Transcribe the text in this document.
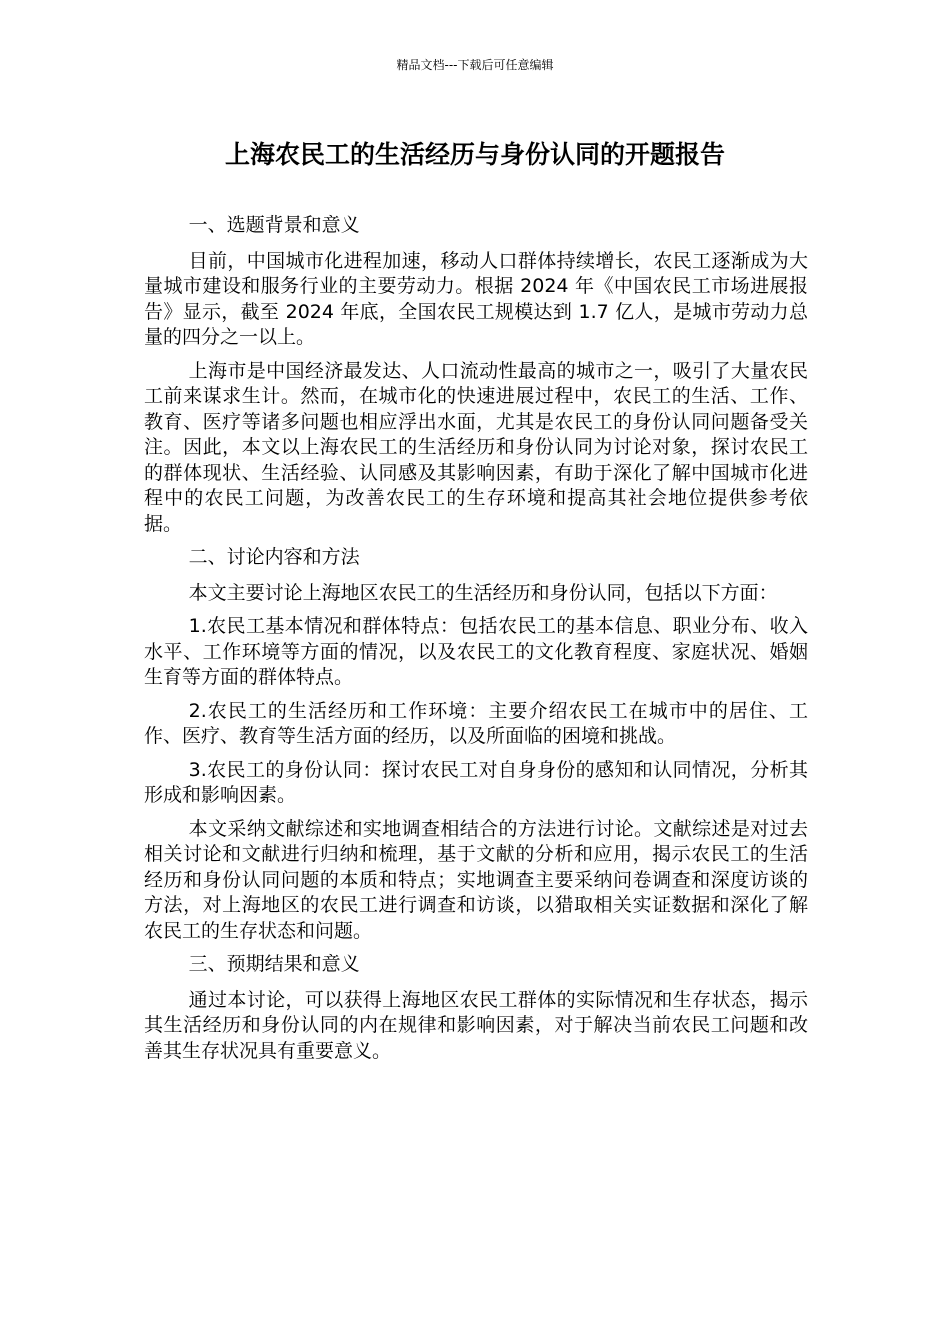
精品文档---下载后可任意编辑
上海农民工的生活经历与身份认同的开题报告

一、选题背景和意义

目前，中国城市化进程加速，移动人口群体持续增长，农民工逐渐成为大量城市建设和服务行业的主要劳动力。根据 2024 年《中国农民工市场进展报告》显示，截至 2024 年底，全国农民工规模达到 1.7 亿人，是城市劳动力总量的四分之一以上。

上海市是中国经济最发达、人口流动性最高的城市之一，吸引了大量农民工前来谋求生计。然而，在城市化的快速进展过程中，农民工的生活、工作、教育、医疗等诸多问题也相应浮出水面，尤其是农民工的身份认同问题备受关注。因此，本文以上海农民工的生活经历和身份认同为讨论对象，探讨农民工的群体现状、生活经验、认同感及其影响因素，有助于深化了解中国城市化进程中的农民工问题，为改善农民工的生存环境和提高其社会地位提供参考依据。

二、讨论内容和方法

本文主要讨论上海地区农民工的生活经历和身份认同，包括以下方面：

1.农民工基本情况和群体特点：包括农民工的基本信息、职业分布、收入水平、工作环境等方面的情况，以及农民工的文化教育程度、家庭状况、婚姻生育等方面的群体特点。

2.农民工的生活经历和工作环境：主要介绍农民工在城市中的居住、工作、医疗、教育等生活方面的经历，以及所面临的困境和挑战。

3.农民工的身份认同：探讨农民工对自身身份的感知和认同情况，分析其形成和影响因素。

本文采纳文献综述和实地调查相结合的方法进行讨论。文献综述是对过去相关讨论和文献进行归纳和梳理，基于文献的分析和应用，揭示农民工的生活经历和身份认同问题的本质和特点；实地调查主要采纳问卷调查和深度访谈的方法，对上海地区的农民工进行调查和访谈，以猎取相关实证数据和深化了解农民工的生存状态和问题。

三、预期结果和意义

通过本讨论，可以获得上海地区农民工群体的实际情况和生存状态，揭示其生活经历和身份认同的内在规律和影响因素，对于解决当前农民工问题和改善其生存状况具有重要意义。
